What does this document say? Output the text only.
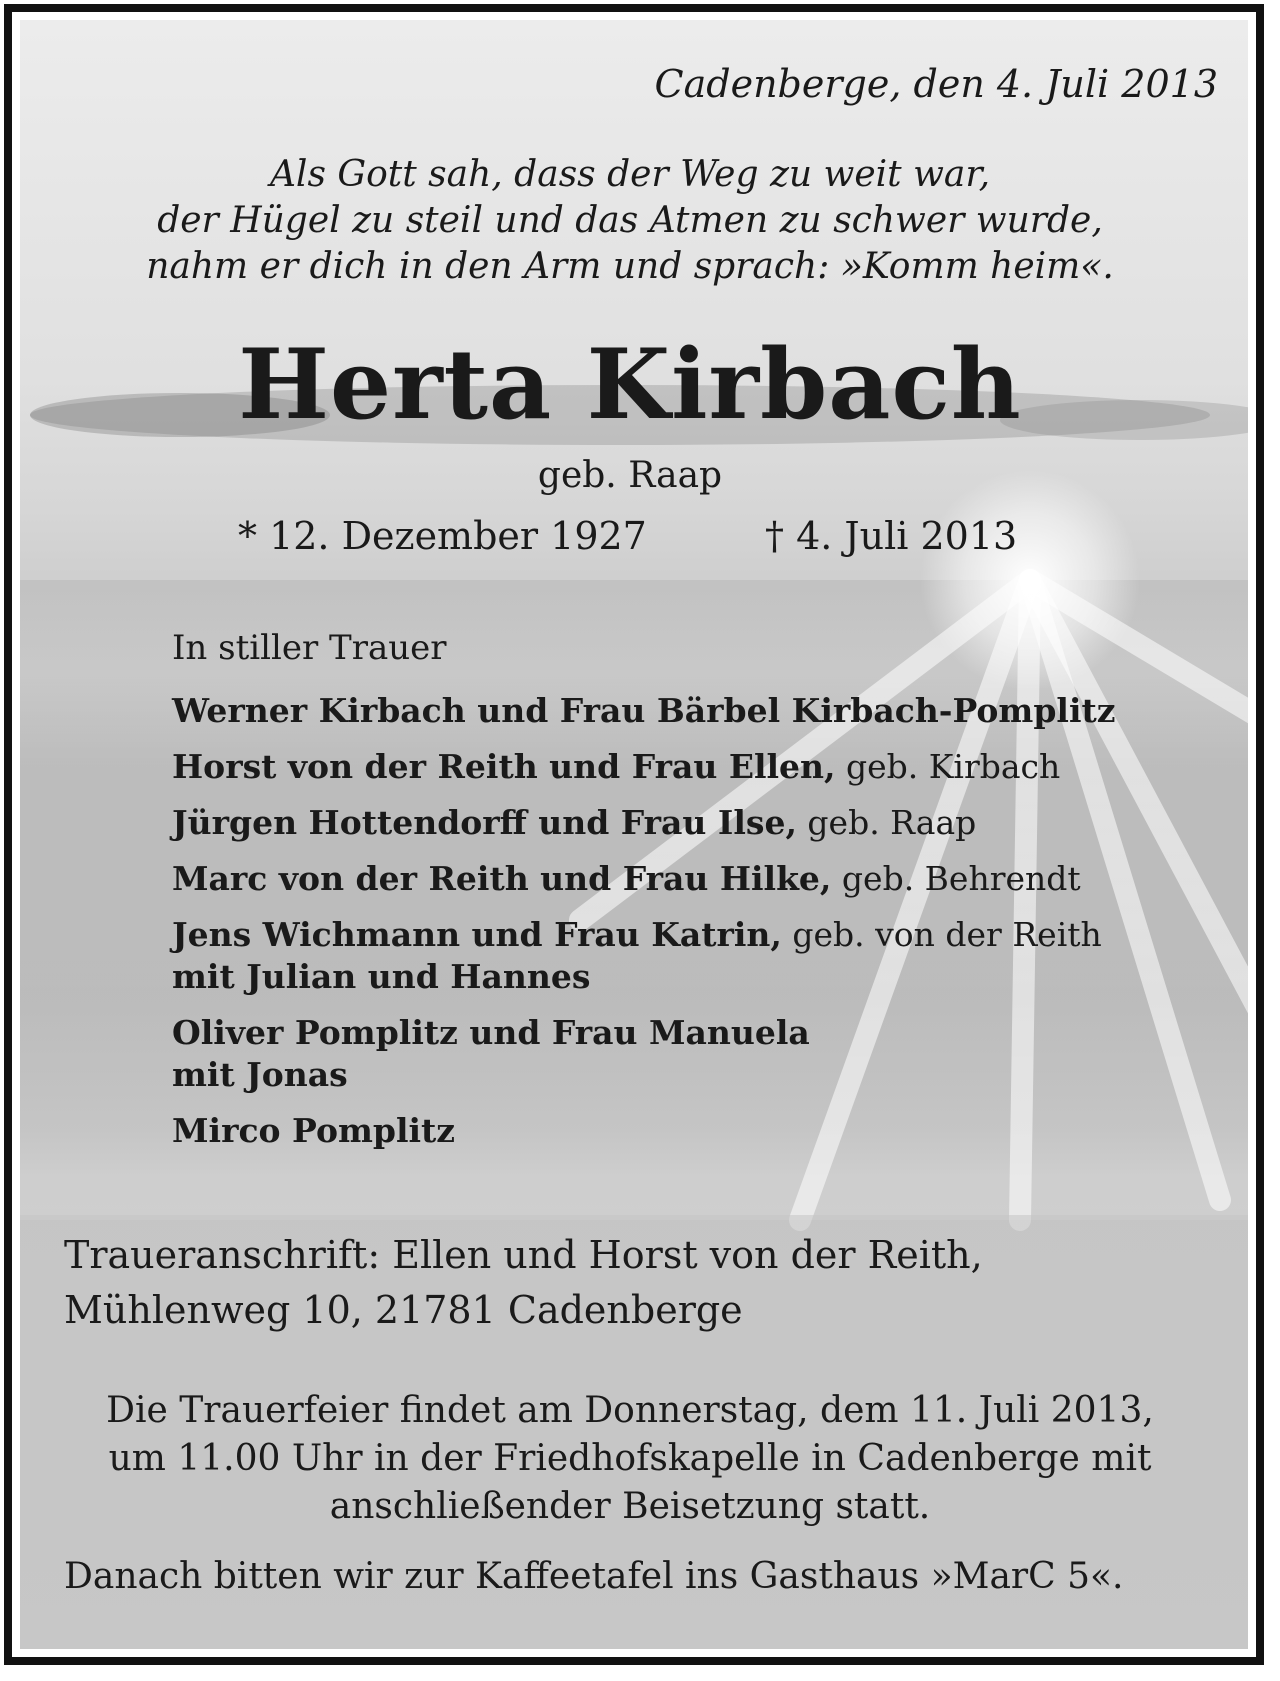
Cadenberge, den 4. Juli 2013
Als Gott sah, dass der Weg zu weit war,
der Hügel zu steil und das Atmen zu schwer wurde,
nahm er dich in den Arm und sprach: »Komm heim«.
Herta Kirbach
geb. Raap
* 12. Dezember 1927	† 4. Juli 2013
In stiller Trauer
Werner Kirbach und Frau Bärbel Kirbach-Pomplitz
Horst von der Reith und Frau Ellen, geb. Kirbach
Jürgen Hottendorff und Frau Ilse, geb. Raap
Marc von der Reith und Frau Hilke, geb. Behrendt
Jens Wichmann und Frau Katrin, geb. von der Reith
mit Julian und Hannes
Oliver Pomplitz und Frau Manuela
mit Jonas
Mirco Pomplitz
Traueranschrift: Ellen und Horst von der Reith,
Mühlenweg 10, 21781 Cadenberge
Die Trauerfeier findet am Donnerstag, dem 11. Juli 2013,
um 11.00 Uhr in der Friedhofskapelle in Cadenberge mit
anschließender Beisetzung statt.
Danach bitten wir zur Kaffeetafel ins Gasthaus »MarC 5«.
